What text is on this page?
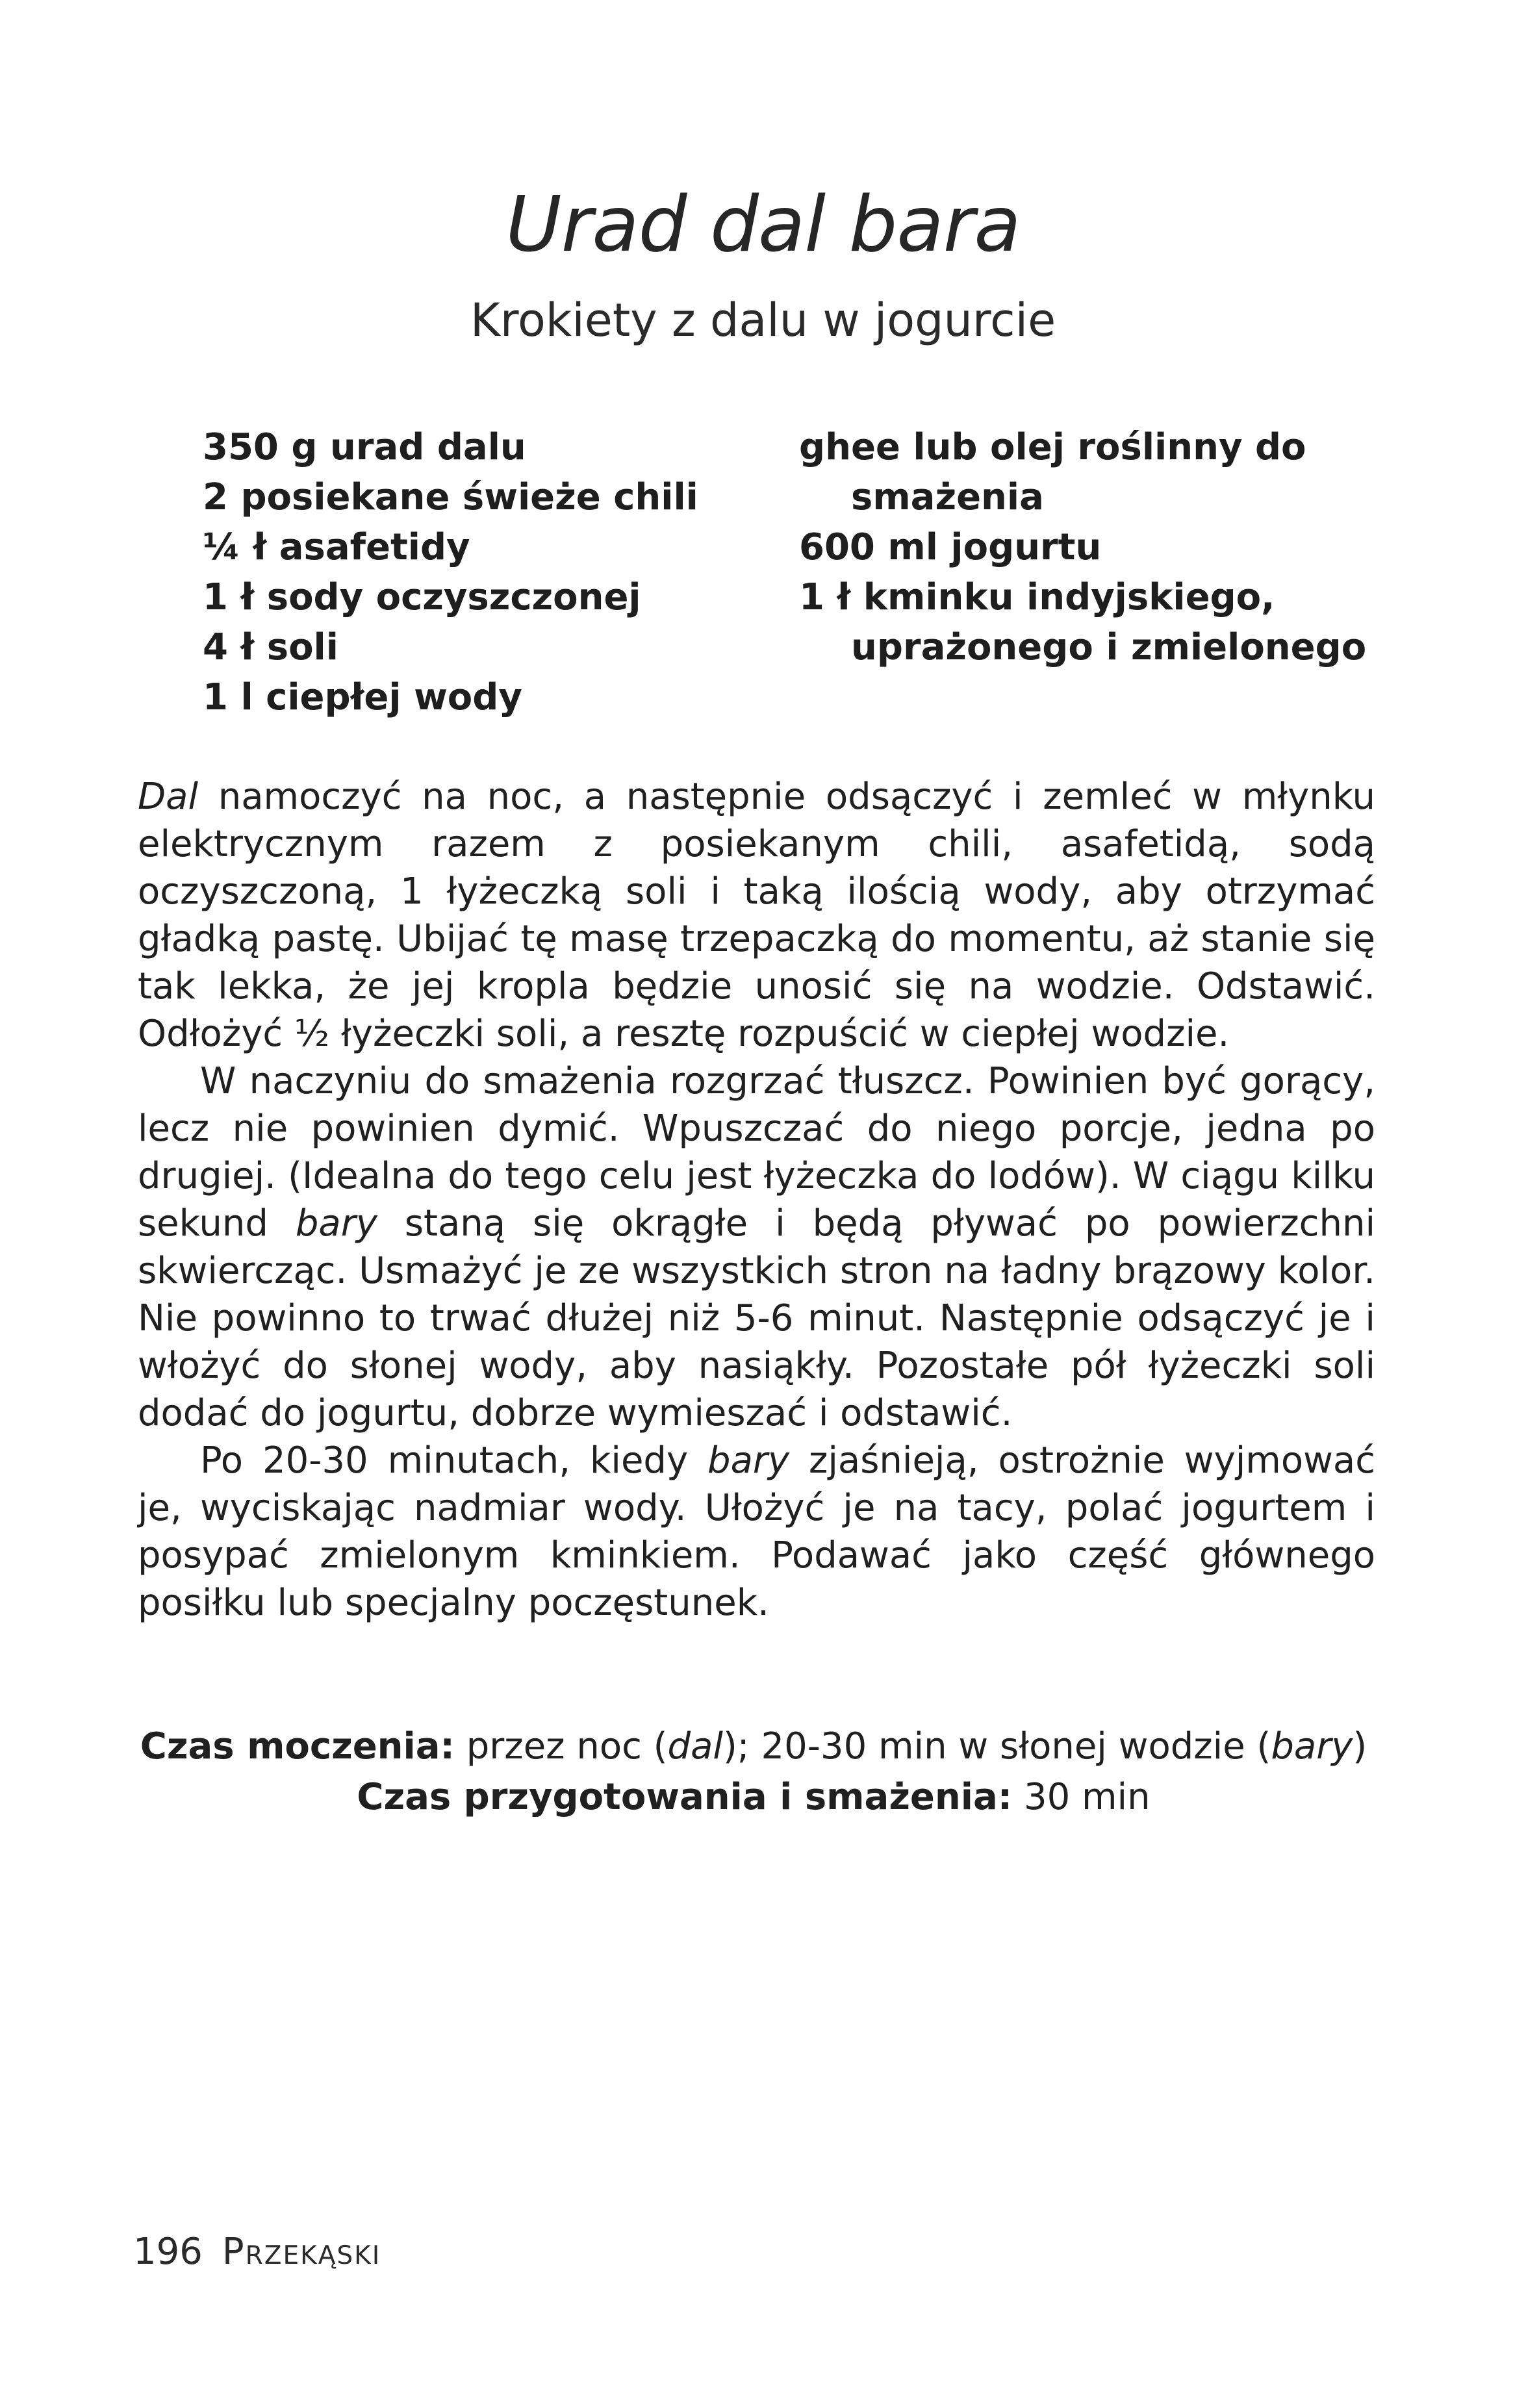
Urad dal bara
Krokiety z dalu w jogurcie
350 g urad dalu
2 posiekane świeże chili
¼ ł asafetidy
1 ł sody oczyszczonej
4 ł soli
1 l ciepłej wody
ghee lub olej roślinny do
smażenia
600 ml jogurtu
1 ł kminku indyjskiego,
uprażonego i zmielonego

Dal namoczyć na noc, a następnie odsączyć i zemleć w młynku elektrycznym razem z posiekanym chili, asafetidą, sodą oczyszczoną, 1 łyżeczką soli i taką ilością wody, aby otrzymać gładką pastę. Ubijać tę masę trzepaczką do momentu, aż stanie się tak lekka, że jej kropla będzie unosić się na wodzie. Odstawić. Odłożyć ½ łyżeczki soli, a resztę rozpuścić w ciepłej wodzie.

W naczyniu do smażenia rozgrzać tłuszcz. Powinien być gorący, lecz nie powinien dymić. Wpuszczać do niego porcje, jedna po drugiej. (Idealna do tego celu jest łyżeczka do lodów). W ciągu kilku sekund bary staną się okrągłe i będą pływać po powierzchni skwiercząc. Usmażyć je ze wszystkich stron na ładny brązowy kolor. Nie powinno to trwać dłużej niż 5-6 minut. Następnie odsączyć je i włożyć do słonej wody, aby nasiąkły. Pozostałe pół łyżeczki soli dodać do jogurtu, dobrze wymieszać i odstawić.

Po 20-30 minutach, kiedy bary zjaśnieją, ostrożnie wyjmować je, wyciskając nadmiar wody. Ułożyć je na tacy, polać jogurtem i posypać zmielonym kminkiem. Podawać jako część głównego posiłku lub specjalny poczęstunek.

Czas moczenia: przez noc (dal); 20-30 min w słonej wodzie (bary)
Czas przygotowania i smażenia: 30 min
196 Przekąski
